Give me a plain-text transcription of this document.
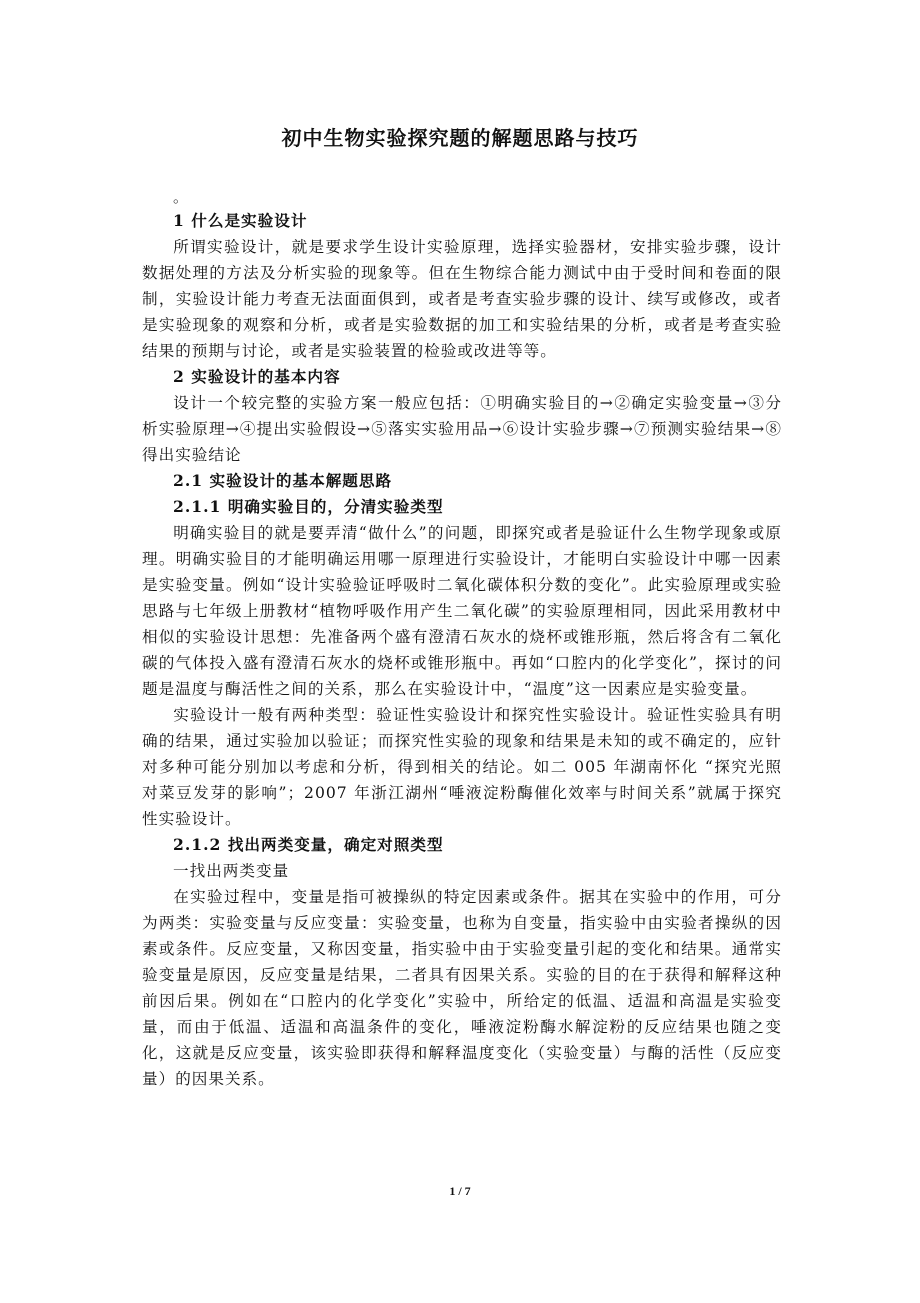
初中生物实验探究题的解题思路与技巧
。
1 什么是实验设计

所谓实验设计，就是要求学生设计实验原理，选择实验器材，安排实验步骤，设计数据处理的方法及分析实验的现象等。但在生物综合能力测试中由于受时间和卷面的限制，实验设计能力考查无法面面俱到，或者是考查实验步骤的设计、续写或修改，或者是实验现象的观察和分析，或者是实验数据的加工和实验结果的分析，或者是考查实验结果的预期与讨论，或者是实验装置的检验或改进等等。

2 实验设计的基本内容

设计一个较完整的实验方案一般应包括：①明确实验目的→②确定实验变量→③分析实验原理→④提出实验假设→⑤落实实验用品→⑥设计实验步骤→⑦预测实验结果→⑧得出实验结论

2.1 实验设计的基本解题思路
2.1.1 明确实验目的，分清实验类型

明确实验目的就是要弄清“做什么”的问题，即探究或者是验证什么生物学现象或原理。明确实验目的才能明确运用哪一原理进行实验设计，才能明白实验设计中哪一因素是实验变量。例如“设计实验验证呼吸时二氧化碳体积分数的变化”。此实验原理或实验思路与七年级上册教材“植物呼吸作用产生二氧化碳”的实验原理相同，因此采用教材中相似的实验设计思想：先准备两个盛有澄清石灰水的烧杯或锥形瓶，然后将含有二氧化碳的气体投入盛有澄清石灰水的烧杯或锥形瓶中。再如“口腔内的化学变化”，探讨的问题是温度与酶活性之间的关系，那么在实验设计中，“温度”这一因素应是实验变量。

实验设计一般有两种类型：验证性实验设计和探究性实验设计。验证性实验具有明确的结果，通过实验加以验证；而探究性实验的现象和结果是未知的或不确定的，应针对多种可能分别加以考虑和分析，得到相关的结论。如二 005 年湖南怀化 “探究光照对菜豆发芽的影响”；2007 年浙江湖州“唾液淀粉酶催化效率与时间关系”就属于探究性实验设计。

2.1.2 找出两类变量，确定对照类型

一找出两类变量

在实验过程中，变量是指可被操纵的特定因素或条件。据其在实验中的作用，可分为两类：实验变量与反应变量：实验变量，也称为自变量，指实验中由实验者操纵的因素或条件。反应变量，又称因变量，指实验中由于实验变量引起的变化和结果。通常实验变量是原因，反应变量是结果，二者具有因果关系。实验的目的在于获得和解释这种前因后果。例如在“口腔内的化学变化”实验中，所给定的低温、适温和高温是实验变量，而由于低温、适温和高温条件的变化，唾液淀粉酶水解淀粉的反应结果也随之变化，这就是反应变量，该实验即获得和解释温度变化（实验变量）与酶的活性（反应变量）的因果关系。

1 / 7
